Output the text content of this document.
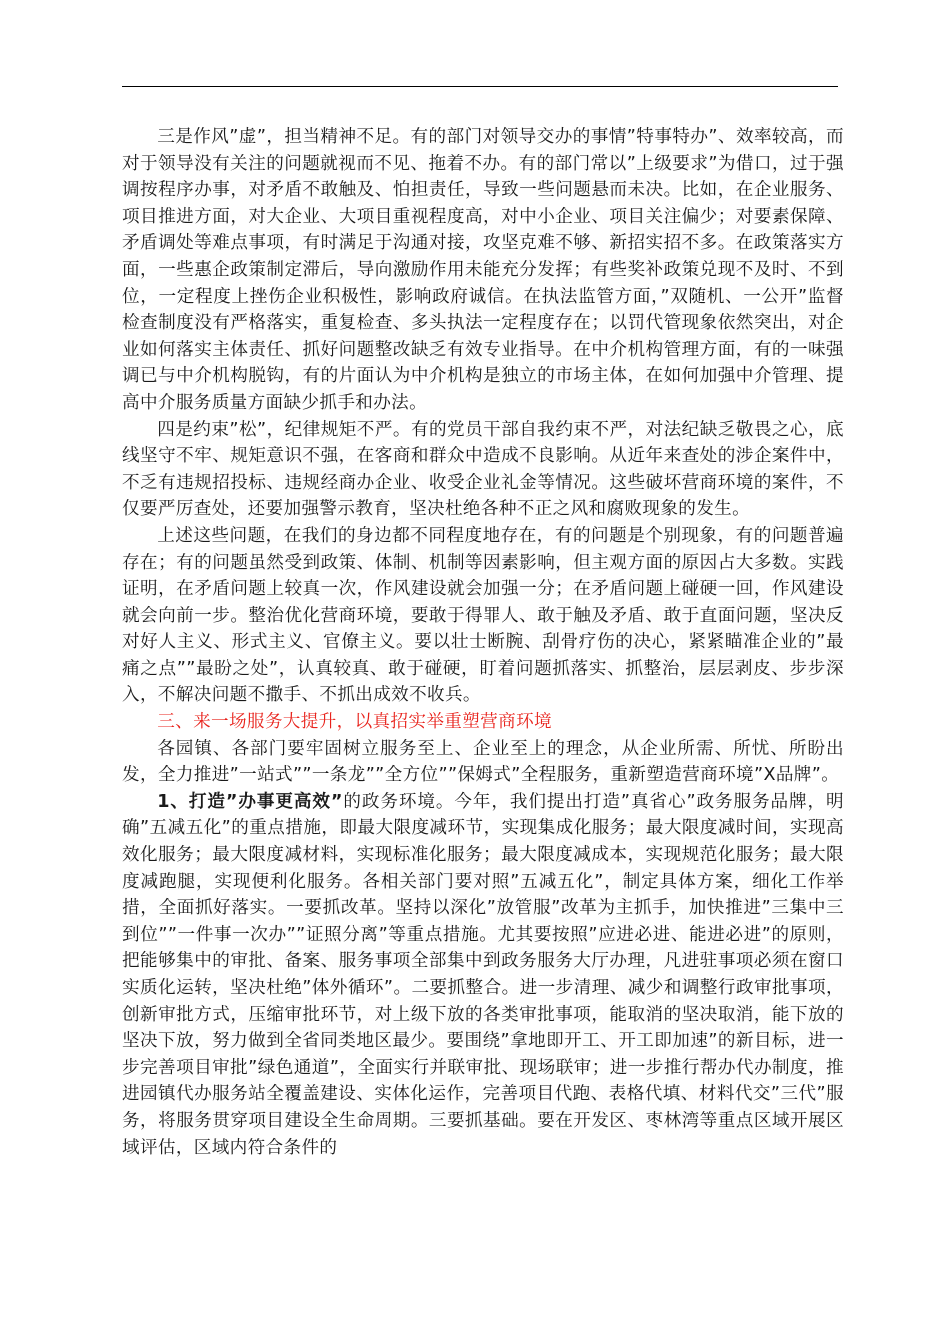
三是作风”虚”，担当精神不足。有的部门对领导交办的事情”特事特办”、效率较高，而对于领导没有关注的问题就视而不见、拖着不办。有的部门常以”上级要求”为借口，过于强调按程序办事，对矛盾不敢触及、怕担责任，导致一些问题悬而未决。比如，在企业服务、项目推进方面，对大企业、大项目重视程度高，对中小企业、项目关注偏少；对要素保障、矛盾调处等难点事项，有时满足于沟通对接，攻坚克难不够、新招实招不多。在政策落实方面，一些惠企政策制定滞后，导向激励作用未能充分发挥；有些奖补政策兑现不及时、不到位，一定程度上挫伤企业积极性，影响政府诚信。在执法监管方面，”双随机、一公开”监督检查制度没有严格落实，重复检查、多头执法一定程度存在；以罚代管现象依然突出，对企业如何落实主体责任、抓好问题整改缺乏有效专业指导。在中介机构管理方面，有的一味强调已与中介机构脱钩，有的片面认为中介机构是独立的市场主体，在如何加强中介管理、提高中介服务质量方面缺少抓手和办法。

四是约束”松”，纪律规矩不严。有的党员干部自我约束不严，对法纪缺乏敬畏之心，底线坚守不牢、规矩意识不强，在客商和群众中造成不良影响。从近年来查处的涉企案件中，不乏有违规招投标、违规经商办企业、收受企业礼金等情况。这些破坏营商环境的案件，不仅要严厉查处，还要加强警示教育，坚决杜绝各种不正之风和腐败现象的发生。

上述这些问题，在我们的身边都不同程度地存在，有的问题是个别现象，有的问题普遍存在；有的问题虽然受到政策、体制、机制等因素影响，但主观方面的原因占大多数。实践证明，在矛盾问题上较真一次，作风建设就会加强一分；在矛盾问题上碰硬一回，作风建设就会向前一步。整治优化营商环境，要敢于得罪人、敢于触及矛盾、敢于直面问题，坚决反对好人主义、形式主义、官僚主义。要以壮士断腕、刮骨疗伤的决心，紧紧瞄准企业的”最痛之点””最盼之处”，认真较真、敢于碰硬，盯着问题抓落实、抓整治，层层剥皮、步步深入，不解决问题不撒手、不抓出成效不收兵。

三、来一场服务大提升，以真招实举重塑营商环境

各园镇、各部门要牢固树立服务至上、企业至上的理念，从企业所需、所忧、所盼出发，全力推进”一站式””一条龙””全方位””保姆式”全程服务，重新塑造营商环境”X品牌”。

1、打造”办事更高效”的政务环境。今年，我们提出打造”真省心”政务服务品牌，明确”五减五化”的重点措施，即最大限度减环节，实现集成化服务；最大限度减时间，实现高效化服务；最大限度减材料，实现标准化服务；最大限度减成本，实现规范化服务；最大限度减跑腿，实现便利化服务。各相关部门要对照”五减五化”，制定具体方案，细化工作举措，全面抓好落实。一要抓改革。坚持以深化”放管服”改革为主抓手，加快推进”三集中三到位””一件事一次办””证照分离”等重点措施。尤其要按照”应进必进、能进必进”的原则，把能够集中的审批、备案、服务事项全部集中到政务服务大厅办理，凡进驻事项必须在窗口实质化运转，坚决杜绝”体外循环”。二要抓整合。进一步清理、减少和调整行政审批事项，创新审批方式，压缩审批环节，对上级下放的各类审批事项，能取消的坚决取消，能下放的坚决下放，努力做到全省同类地区最少。要围绕”拿地即开工、开工即加速”的新目标，进一步完善项目审批”绿色通道”，全面实行并联审批、现场联审；进一步推行帮办代办制度，推进园镇代办服务站全覆盖建设、实体化运作，完善项目代跑、表格代填、材料代交”三代”服务，将服务贯穿项目建设全生命周期。三要抓基础。要在开发区、枣林湾等重点区域开展区域评估，区域内符合条件的
